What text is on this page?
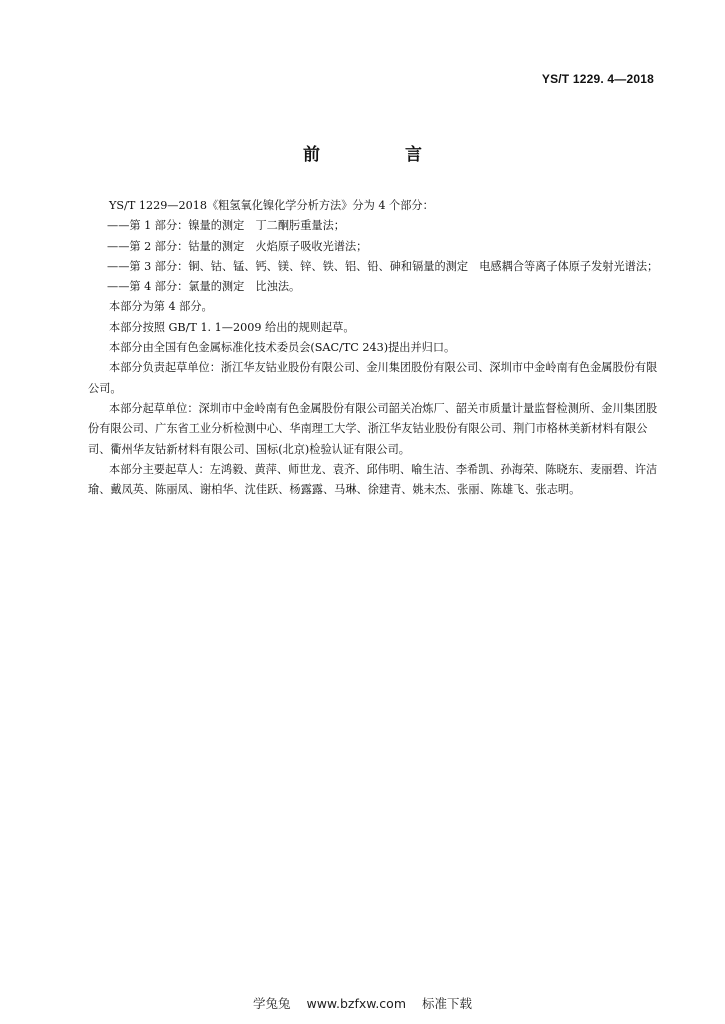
YS/T 1229. 4—2018
前　言

YS/T 1229—2018《粗氢氧化镍化学分析方法》分为 4 个部分：

——第 1 部分：镍量的测定　丁二酮肟重量法；

——第 2 部分：钴量的测定　火焰原子吸收光谱法；

——第 3 部分：铜、钴、锰、钙、镁、锌、铁、铝、铅、砷和镉量的测定　电感耦合等离子体原子发射光谱法；

——第 4 部分：氯量的测定　比浊法。

本部分为第 4 部分。

本部分按照 GB/T 1. 1—2009 给出的规则起草。

本部分由全国有色金属标准化技术委员会(SAC/TC 243)提出并归口。

本部分负责起草单位：浙江华友钴业股份有限公司、金川集团股份有限公司、深圳市中金岭南有色金属股份有限公司。

本部分起草单位：深圳市中金岭南有色金属股份有限公司韶关冶炼厂、韶关市质量计量监督检测所、金川集团股份有限公司、广东省工业分析检测中心、华南理工大学、浙江华友钴业股份有限公司、荆门市格林美新材料有限公司、衢州华友钴新材料有限公司、国标(北京)检验认证有限公司。

本部分主要起草人：左鸿毅、黄萍、师世龙、袁齐、邱伟明、喻生洁、李希凯、孙海荣、陈晓东、麦丽碧、许洁瑜、戴凤英、陈丽凤、谢柏华、沈佳跃、杨露露、马琳、徐建青、姚未杰、张丽、陈雄飞、张志明。

学兔兔 www.bzfxw.com 标准下载
